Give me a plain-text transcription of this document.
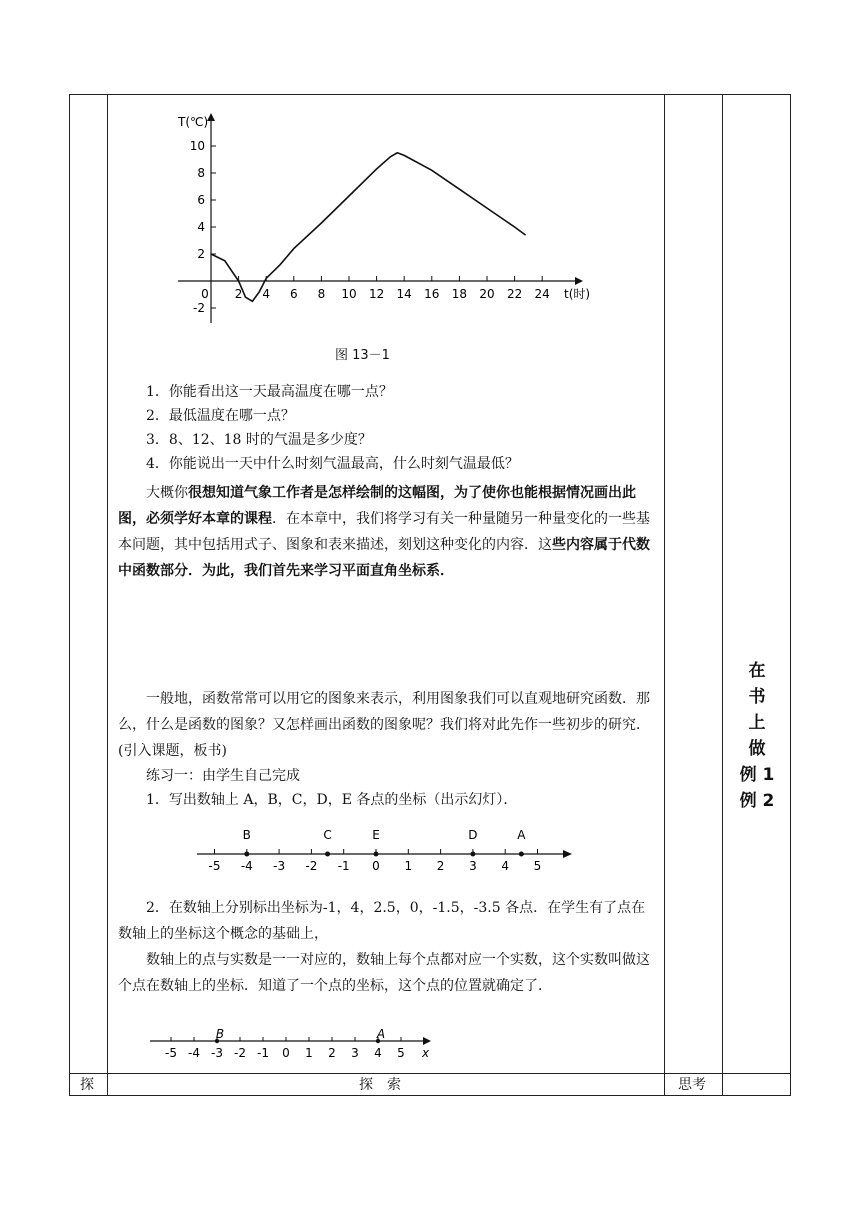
10
8
6
4
2
-2
0 2 4 6 8 10 12 14 16 18 20 22 24
T(℃)
t(时)
图 13－1

1．你能看出这一天最高温度在哪一点？

2．最低温度在哪一点？

3．8、12、18 时的气温是多少度？

4．你能说出一天中什么时刻气温最高，什么时刻气温最低？

大概你很想知道气象工作者是怎样绘制的这幅图，为了使你也能根据情况画出此图，必须学好本章的课程．在本章中，我们将学习有关一种量随另一种量变化的一些基本问题，其中包括用式子、图象和表来描述，刻划这种变化的内容．这些内容属于代数中函数部分．为此，我们首先来学习平面直角坐标系．

一般地，函数常常可以用它的图象来表示，利用图象我们可以直观地研究函数．那么，什么是函数的图象？又怎样画出函数的图象呢？我们将对此先作一些初步的研究．(引入课题，板书)

练习一：由学生自己完成

1．写出数轴上 A，B，C，D，E 各点的坐标（出示幻灯）．

-5 -4 -3 -2 -1 0 1 2 3 4 5
B	C	E	D	A

2．在数轴上分别标出坐标为-1，4，2.5，0，-1.5，-3.5 各点．在学生有了点在数轴上的坐标这个概念的基础上，

数轴上的点与实数是一一对应的，数轴上每个点都对应一个实数，这个实数叫做这个点在数轴上的坐标．知道了一个点的坐标，这个点的位置就确定了．

-5 -4 -3 -2 -1 0 1 2 3 4 5 x
B	A
在
书
上
做
例 1
例 2
探	探　索	思考
